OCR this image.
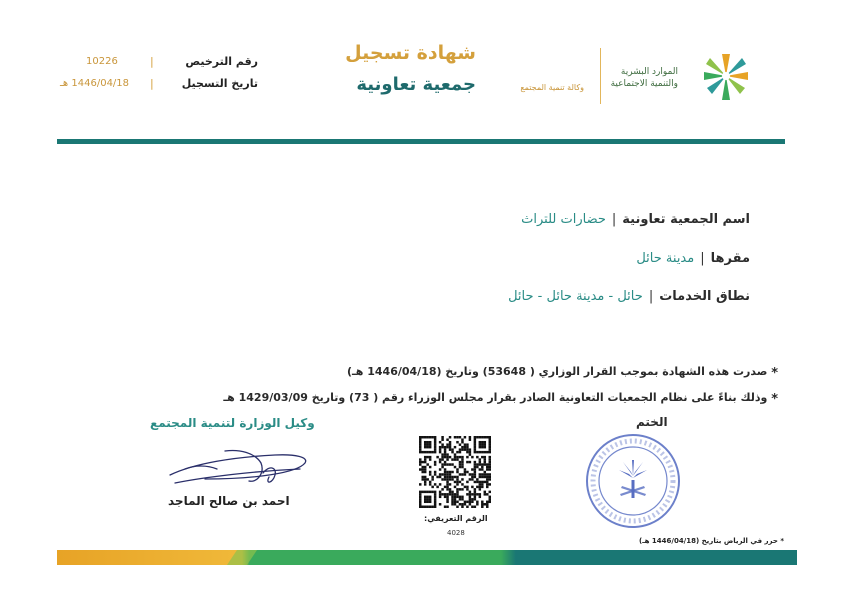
الموارد البشرية
والتنمية الاجتماعية
وكالة تنمية المجتمع
شهادة تسجيل
جمعية تعاونية
رقم الترخيص
تاريخ التسجيل
|
|
10226
1446/04/18 هـ
اسم الجمعية تعاونية|حضارات للتراث
مقرها|مدينة حائل
نطاق الخدمات|حائل - مدينة حائل - حائل
* صدرت هذه الشهادة بموجب القرار الوزاري ( 53648) وتاريخ (1446/04/18 هـ)
* وذلك بناءً على نظام الجمعيات التعاونية الصادر بقرار مجلس الوزراء رقم ( 73) وتاريخ 1429/03/09 هـ
الختم
الرقم التعريفي:
4028
وكيل الوزارة لتنمية المجتمع
احمد بن صالح الماجد
* حرر في الرياض بتاريخ (1446/04/18 هـ)
